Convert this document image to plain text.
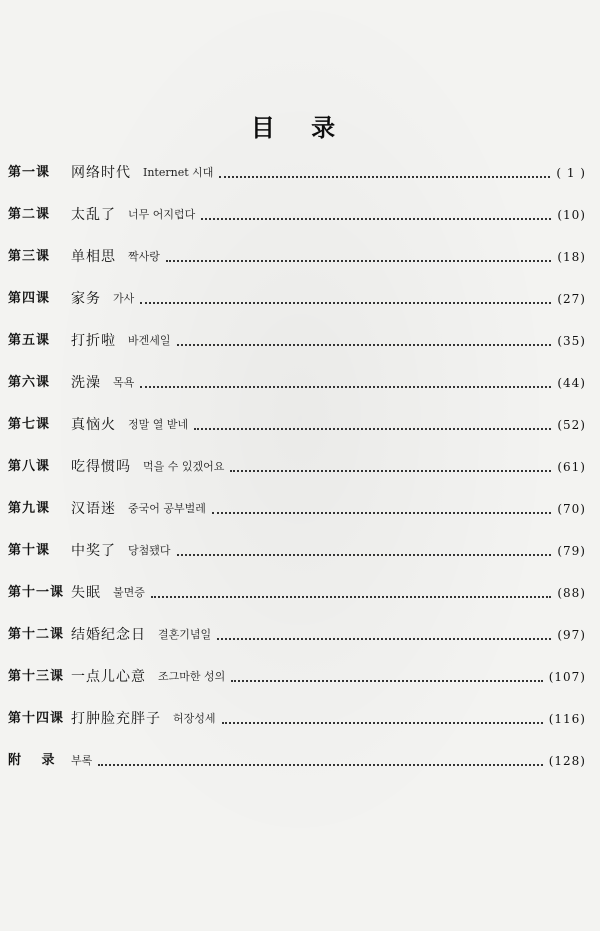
目 录
第一课	网络时代 Internet 시대	( 1 )
第二课	太乱了 너무 어지럽다	(10)
第三课	单相思 짝사랑	(18)
第四课	家务 가사	(27)
第五课	打折啦 바겐세일	(35)
第六课	洗澡 목욕	(44)
第七课	真恼火 정말 열 받네	(52)
第八课	吃得惯吗 먹을 수 있겠어요	(61)
第九课	汉语迷 중국어 공부벌레	(70)
第十课	中奖了 당첨됐다	(79)
第十一课 失眠 불면증	(88)
第十二课 结婚纪念日 결혼기념일	(97)
第十三课 一点儿心意 조그마한 성의	(107)
第十四课 打肿脸充胖子 허장성세	(116)
附 录 부록	(128)
